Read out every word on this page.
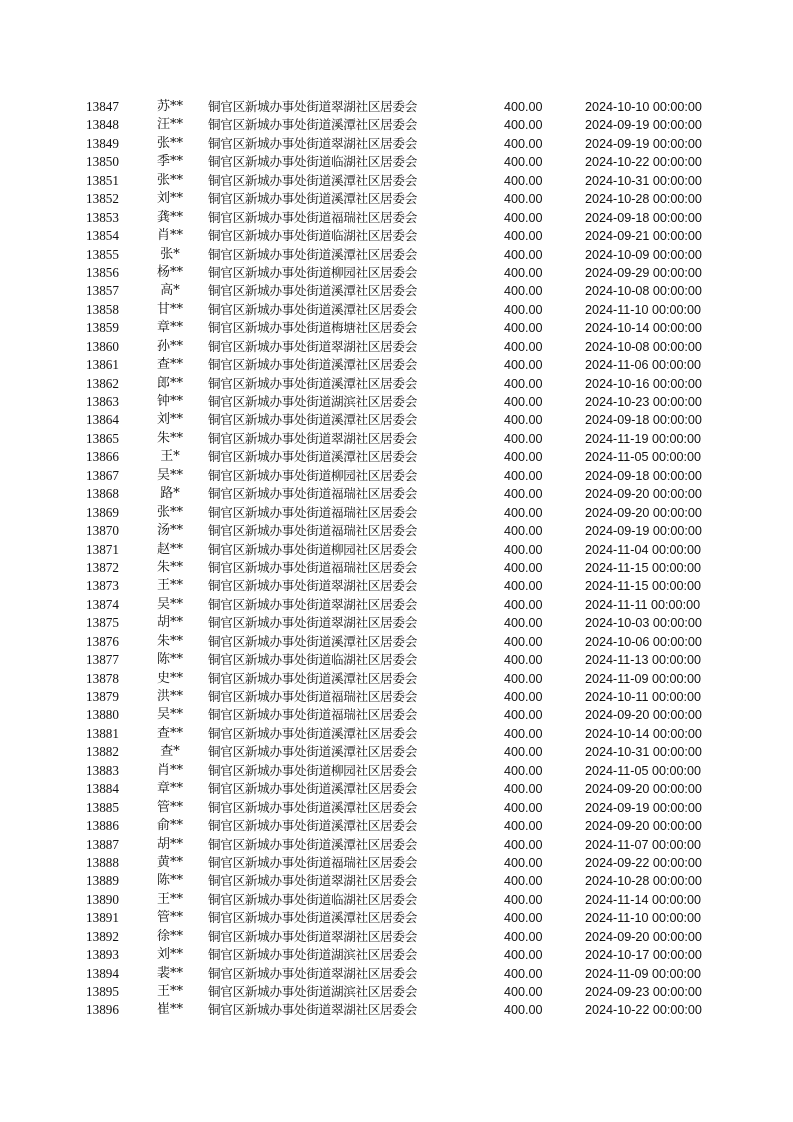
13847	苏**	铜官区新城办事处街道翠湖社区居委会	400.00	2024-10-10 00:00:00
13848	汪**	铜官区新城办事处街道溪潭社区居委会	400.00	2024-09-19 00:00:00
13849	张**	铜官区新城办事处街道翠湖社区居委会	400.00	2024-09-19 00:00:00
13850	季**	铜官区新城办事处街道临湖社区居委会	400.00	2024-10-22 00:00:00
13851	张**	铜官区新城办事处街道溪潭社区居委会	400.00	2024-10-31 00:00:00
13852	刘**	铜官区新城办事处街道溪潭社区居委会	400.00	2024-10-28 00:00:00
13853	龚**	铜官区新城办事处街道福瑞社区居委会	400.00	2024-09-18 00:00:00
13854	肖**	铜官区新城办事处街道临湖社区居委会	400.00	2024-09-21 00:00:00
13855	张*	铜官区新城办事处街道溪潭社区居委会	400.00	2024-10-09 00:00:00
13856	杨**	铜官区新城办事处街道柳园社区居委会	400.00	2024-09-29 00:00:00
13857	高*	铜官区新城办事处街道溪潭社区居委会	400.00	2024-10-08 00:00:00
13858	甘**	铜官区新城办事处街道溪潭社区居委会	400.00	2024-11-10 00:00:00
13859	章**	铜官区新城办事处街道梅塘社区居委会	400.00	2024-10-14 00:00:00
13860	孙**	铜官区新城办事处街道翠湖社区居委会	400.00	2024-10-08 00:00:00
13861	查**	铜官区新城办事处街道溪潭社区居委会	400.00	2024-11-06 00:00:00
13862	郎**	铜官区新城办事处街道溪潭社区居委会	400.00	2024-10-16 00:00:00
13863	钟**	铜官区新城办事处街道湖滨社区居委会	400.00	2024-10-23 00:00:00
13864	刘**	铜官区新城办事处街道溪潭社区居委会	400.00	2024-09-18 00:00:00
13865	朱**	铜官区新城办事处街道翠湖社区居委会	400.00	2024-11-19 00:00:00
13866	王*	铜官区新城办事处街道溪潭社区居委会	400.00	2024-11-05 00:00:00
13867	吴**	铜官区新城办事处街道柳园社区居委会	400.00	2024-09-18 00:00:00
13868	路*	铜官区新城办事处街道福瑞社区居委会	400.00	2024-09-20 00:00:00
13869	张**	铜官区新城办事处街道福瑞社区居委会	400.00	2024-09-20 00:00:00
13870	汤**	铜官区新城办事处街道福瑞社区居委会	400.00	2024-09-19 00:00:00
13871	赵**	铜官区新城办事处街道柳园社区居委会	400.00	2024-11-04 00:00:00
13872	朱**	铜官区新城办事处街道福瑞社区居委会	400.00	2024-11-15 00:00:00
13873	王**	铜官区新城办事处街道翠湖社区居委会	400.00	2024-11-15 00:00:00
13874	吴**	铜官区新城办事处街道翠湖社区居委会	400.00	2024-11-11 00:00:00
13875	胡**	铜官区新城办事处街道翠湖社区居委会	400.00	2024-10-03 00:00:00
13876	朱**	铜官区新城办事处街道溪潭社区居委会	400.00	2024-10-06 00:00:00
13877	陈**	铜官区新城办事处街道临湖社区居委会	400.00	2024-11-13 00:00:00
13878	史**	铜官区新城办事处街道溪潭社区居委会	400.00	2024-11-09 00:00:00
13879	洪**	铜官区新城办事处街道福瑞社区居委会	400.00	2024-10-11 00:00:00
13880	吴**	铜官区新城办事处街道福瑞社区居委会	400.00	2024-09-20 00:00:00
13881	查**	铜官区新城办事处街道溪潭社区居委会	400.00	2024-10-14 00:00:00
13882	查*	铜官区新城办事处街道溪潭社区居委会	400.00	2024-10-31 00:00:00
13883	肖**	铜官区新城办事处街道柳园社区居委会	400.00	2024-11-05 00:00:00
13884	章**	铜官区新城办事处街道溪潭社区居委会	400.00	2024-09-20 00:00:00
13885	管**	铜官区新城办事处街道溪潭社区居委会	400.00	2024-09-19 00:00:00
13886	俞**	铜官区新城办事处街道溪潭社区居委会	400.00	2024-09-20 00:00:00
13887	胡**	铜官区新城办事处街道溪潭社区居委会	400.00	2024-11-07 00:00:00
13888	黄**	铜官区新城办事处街道福瑞社区居委会	400.00	2024-09-22 00:00:00
13889	陈**	铜官区新城办事处街道翠湖社区居委会	400.00	2024-10-28 00:00:00
13890	王**	铜官区新城办事处街道临湖社区居委会	400.00	2024-11-14 00:00:00
13891	管**	铜官区新城办事处街道溪潭社区居委会	400.00	2024-11-10 00:00:00
13892	徐**	铜官区新城办事处街道翠湖社区居委会	400.00	2024-09-20 00:00:00
13893	刘**	铜官区新城办事处街道湖滨社区居委会	400.00	2024-10-17 00:00:00
13894	裴**	铜官区新城办事处街道翠湖社区居委会	400.00	2024-11-09 00:00:00
13895	王**	铜官区新城办事处街道湖滨社区居委会	400.00	2024-09-23 00:00:00
13896	崔**	铜官区新城办事处街道翠湖社区居委会	400.00	2024-10-22 00:00:00
